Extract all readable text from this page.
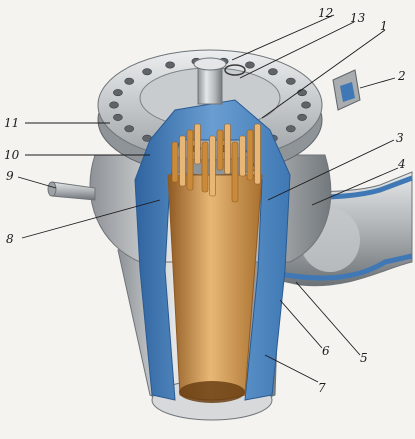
1
2
3
4
5
6
7
8
9
10
11
12 13
